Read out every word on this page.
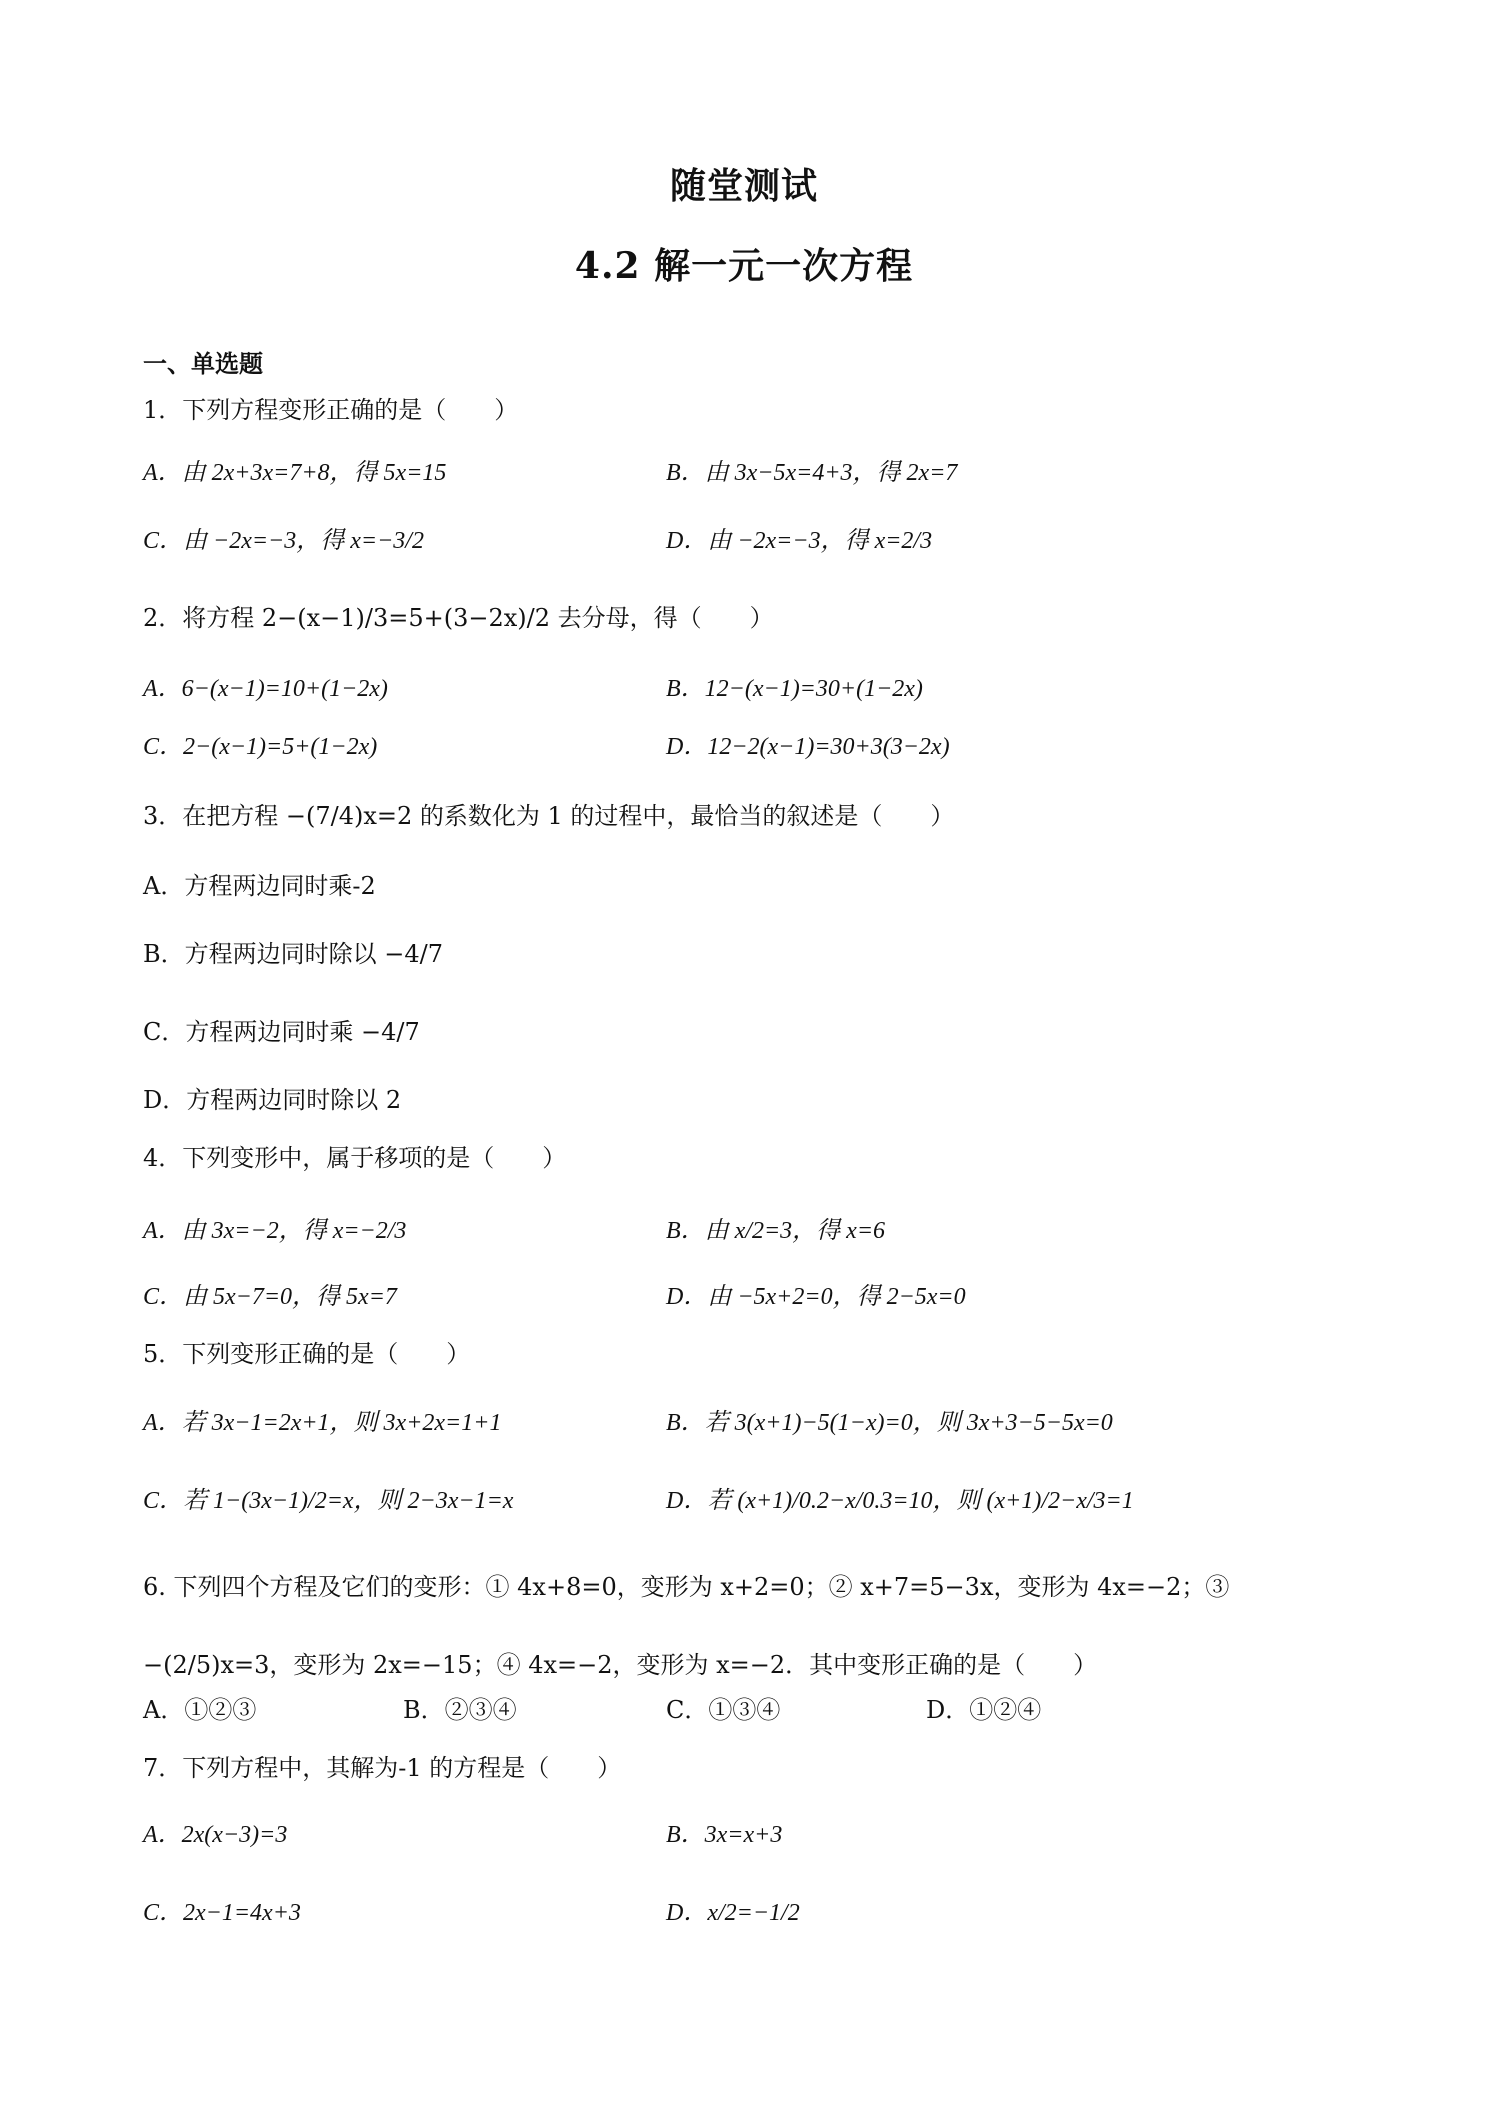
随堂测试
4.2 解一元一次方程
一、单选题
1．下列方程变形正确的是（　　）
A．由 2x+3x=7+8，得 5x=15	B．由 3x−5x=4+3，得 2x=7
C．由 −2x=−3，得 x=−3/2	D．由 −2x=−3，得 x=2/3
2．将方程 2−(x−1)/3=5+(3−2x)/2 去分母，得（　　）
A．6−(x−1)=10+(1−2x)	B．12−(x−1)=30+(1−2x)
C．2−(x−1)=5+(1−2x)	D．12−2(x−1)=30+3(3−2x)
3．在把方程 −(7/4)x=2 的系数化为 1 的过程中，最恰当的叙述是（　　）
A．方程两边同时乘-2
B．方程两边同时除以 −4/7
C．方程两边同时乘 −4/7
D．方程两边同时除以 2
4．下列变形中，属于移项的是（　　）
A．由 3x=−2，得 x=−2/3	B．由 x/2=3，得 x=6
C．由 5x−7=0，得 5x=7	D．由 −5x+2=0，得 2−5x=0
5．下列变形正确的是（　　）
A．若 3x−1=2x+1，则 3x+2x=1+1	B．若 3(x+1)−5(1−x)=0，则 3x+3−5−5x=0
C．若 1−(3x−1)/2=x，则 2−3x−1=x	D．若 (x+1)/0.2−x/0.3=10，则 (x+1)/2−x/3=1
6. 下列四个方程及它们的变形：① 4x+8=0，变形为 x+2=0；② x+7=5−3x，变形为 4x=−2；③ −(2/5)x=3，变形为 2x=−15；④ 4x=−2，变形为 x=−2．其中变形正确的是（　　）
A．①②③	B．②③④	C．①③④	D．①②④
7．下列方程中，其解为-1 的方程是（　　）
A．2x(x−3)=3	B．3x=x+3
C．2x−1=4x+3	D．x/2=−1/2
